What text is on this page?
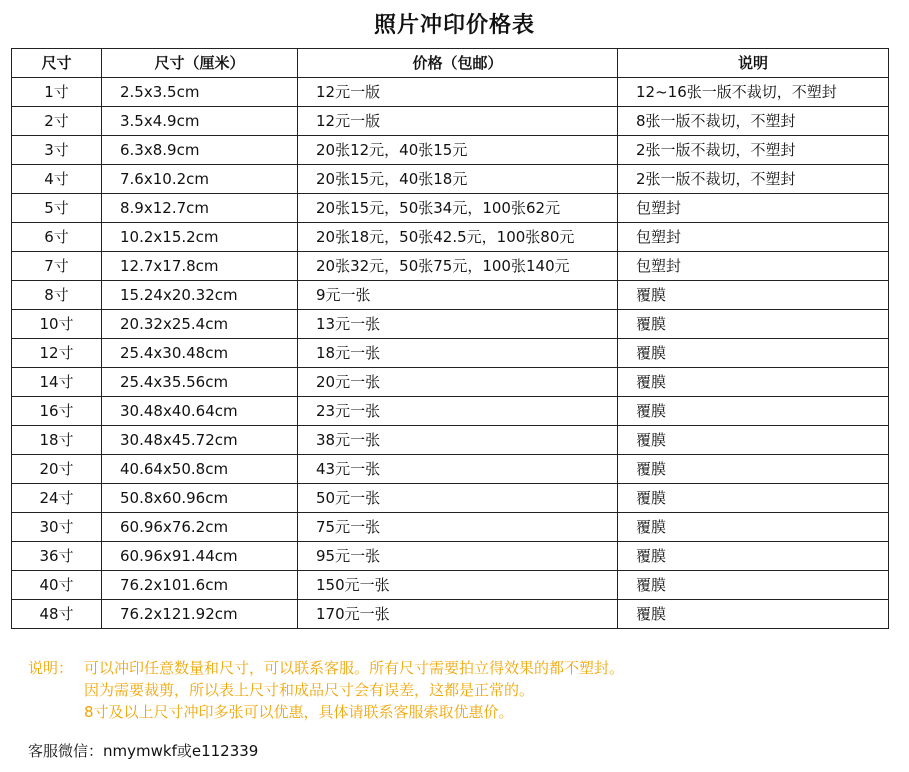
照片冲印价格表
尺寸	尺寸（厘米）	价格（包邮）	说明
1寸	2.5x3.5cm	12元一版	12~16张一版不裁切，不塑封
2寸	3.5x4.9cm	12元一版	8张一版不裁切，不塑封
3寸	6.3x8.9cm	20张12元，40张15元	2张一版不裁切，不塑封
4寸	7.6x10.2cm	20张15元，40张18元	2张一版不裁切，不塑封
5寸	8.9x12.7cm	20张15元，50张34元，100张62元	包塑封
6寸	10.2x15.2cm	20张18元，50张42.5元，100张80元	包塑封
7寸	12.7x17.8cm	20张32元，50张75元，100张140元	包塑封
8寸	15.24x20.32cm	9元一张	覆膜
10寸	20.32x25.4cm	13元一张	覆膜
12寸	25.4x30.48cm	18元一张	覆膜
14寸	25.4x35.56cm	20元一张	覆膜
16寸	30.48x40.64cm	23元一张	覆膜
18寸	30.48x45.72cm	38元一张	覆膜
20寸	40.64x50.8cm	43元一张	覆膜
24寸	50.8x60.96cm	50元一张	覆膜
30寸	60.96x76.2cm	75元一张	覆膜
36寸	60.96x91.44cm	95元一张	覆膜
40寸	76.2x101.6cm	150元一张	覆膜
48寸	76.2x121.92cm	170元一张	覆膜
说明： 可以冲印任意数量和尺寸，可以联系客服。所有尺寸需要拍立得效果的都不塑封。
因为需要裁剪，所以表上尺寸和成品尺寸会有误差，这都是正常的。
8寸及以上尺寸冲印多张可以优惠，具体请联系客服索取优惠价。
客服微信：nmymwkf或e112339
